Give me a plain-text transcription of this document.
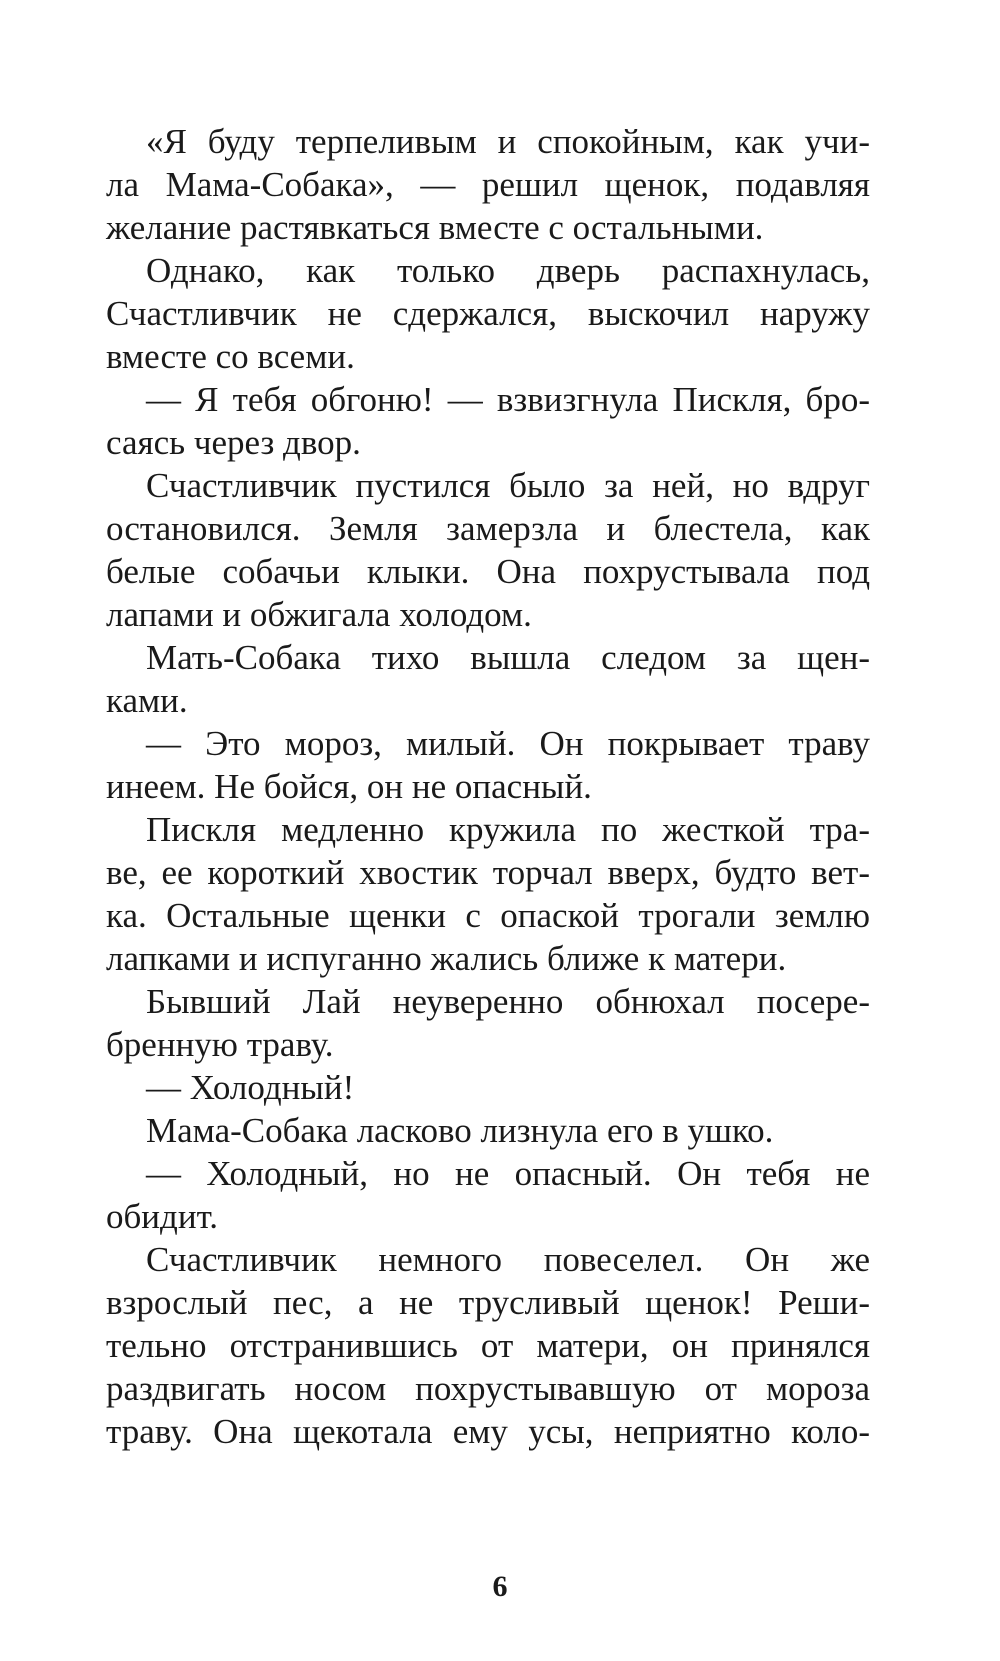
«Я буду терпеливым и спокойным, как учи-
ла Мама-Собака», — решил щенок, подавляя
желание растявкаться вместе с остальными.
Однако, как только дверь распахнулась,
Счастливчик не сдержался, выскочил наружу
вместе со всеми.
— Я тебя обгоню! — взвизгнула Пискля, бро-
саясь через двор.
Счастливчик пустился было за ней, но вдруг
остановился. Земля замерзла и блестела, как
белые собачьи клыки. Она похрустывала под
лапами и обжигала холодом.
Мать-Собака тихо вышла следом за щен-
ками.
— Это мороз, милый. Он покрывает траву
инеем. Не бойся, он не опасный.
Пискля медленно кружила по жесткой тра-
ве, ее короткий хвостик торчал вверх, будто вет-
ка. Остальные щенки с опаской трогали землю
лапками и испуганно жались ближе к матери.
Бывший Лай неуверенно обнюхал посере-
бренную траву.
— Холодный!
Мама-Собака ласково лизнула его в ушко.
— Холодный, но не опасный. Он тебя не
обидит.
Счастливчик немного повеселел. Он же
взрослый пес, а не трусливый щенок! Реши-
тельно отстранившись от матери, он принялся
раздвигать носом похрустывавшую от мороза
траву. Она щекотала ему усы, неприятно коло-
6
